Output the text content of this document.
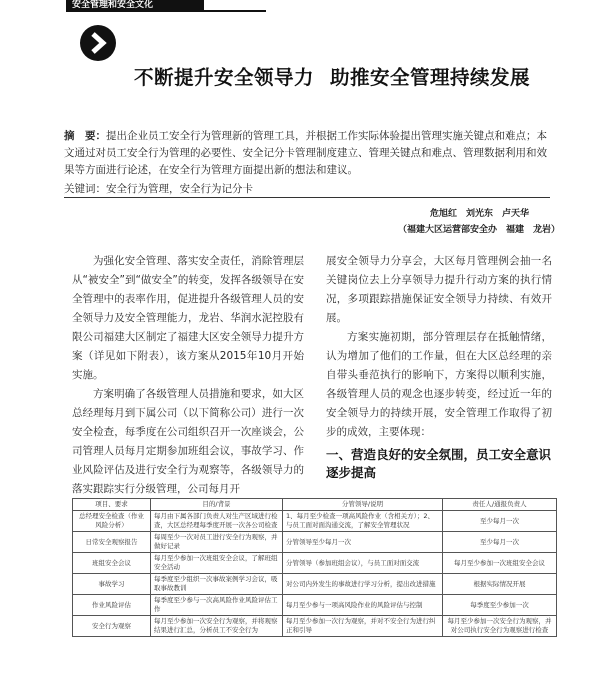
安全管理和安全文化
不断提升安全领导力 助推安全管理持续发展
摘　要：提出企业员工安全行为管理新的管理工具，并根据工作实际体验提出管理实施关键点和难点；本文通过对员工安全行为管理的必要性、安全记分卡管理制度建立、管理关键点和难点、管理数据利用和效果等方面进行论述，在安全行为管理方面提出新的想法和建议。
关键词：安全行为管理，安全行为记分卡
危旭红　刘光东　卢天华
（福建大区运营部安全办　福建　龙岩）

为强化安全管理、落实安全责任，消除管理层从“被安全”到“做安全”的转变，发挥各级领导在安全管理中的表率作用，促进提升各级管理人员的安全领导力及安全管理能力，龙岩、华润水泥控股有限公司福建大区制定了福建大区安全领导力提升方案（详见如下附表），该方案从2015年10月开始实施。

方案明确了各级管理人员措施和要求，如大区总经理每月到下属公司（以下简称公司）进行一次安全检查，每季度在公司组织召开一次座谈会，公司管理人员每月定期参加班组会议，事故学习、作业风险评估及进行安全行为观察等，各级领导力的落实跟踪实行分级管理，公司每月开

展安全领导力分享会，大区每月管理例会抽一名关键岗位去上分享领导力提升行动方案的执行情况，多项跟踪措施保证安全领导力持续、有效开展。

方案实施初期，部分管理层存在抵触情绪，认为增加了他们的工作量，但在大区总经理的亲自带头垂范执行的影响下，方案得以顺利实施，各级管理人员的观念也逐步转变，经过近一年的安全领导力的持续开展，安全管理工作取得了初步的成效，主要体现：

一、营造良好的安全氛围，员工安全意识逐步提高
项目、要求	目的/背景	分管领导/说明	责任人/通报负责人
总经理安全检查（作业风险分析）	每月由下属各部门负责人对生产区域进行检查，大区总经理每季度开展一次各公司检查	1、每月至少检查一项高风险作业（含相关方）；2、与员工面对面沟通交流，了解安全管理状况	至少每月一次
日常安全观察报告	每周至少一次对员工进行安全行为观察，并做好记录	分管领导至少每月一次	至少每月一次
班组安全会议	每月至少参加一次班组安全会议，了解班组安全活动	分管领导（参加班组会议），与员工面对面交流	每月至少参加一次班组安全会议
事故学习	每季度至少组织一次事故案例学习会议，吸取事故教训	对公司内外发生的事故进行学习分析，提出改进措施	根据实际情况开展
作业风险评估	每季度至少参与一次高风险作业风险评估工作	每月至少参与一项高风险作业的风险评估与控制	每季度至少参加一次
安全行为观察	每月至少参加一次安全行为观察，并将观察结果进行汇总，分析员工不安全行为	每月至少参加一次行为观察，并对不安全行为进行纠正和引导	每月至少参加一次安全行为观察，并对公司执行安全行为观察进行检查
